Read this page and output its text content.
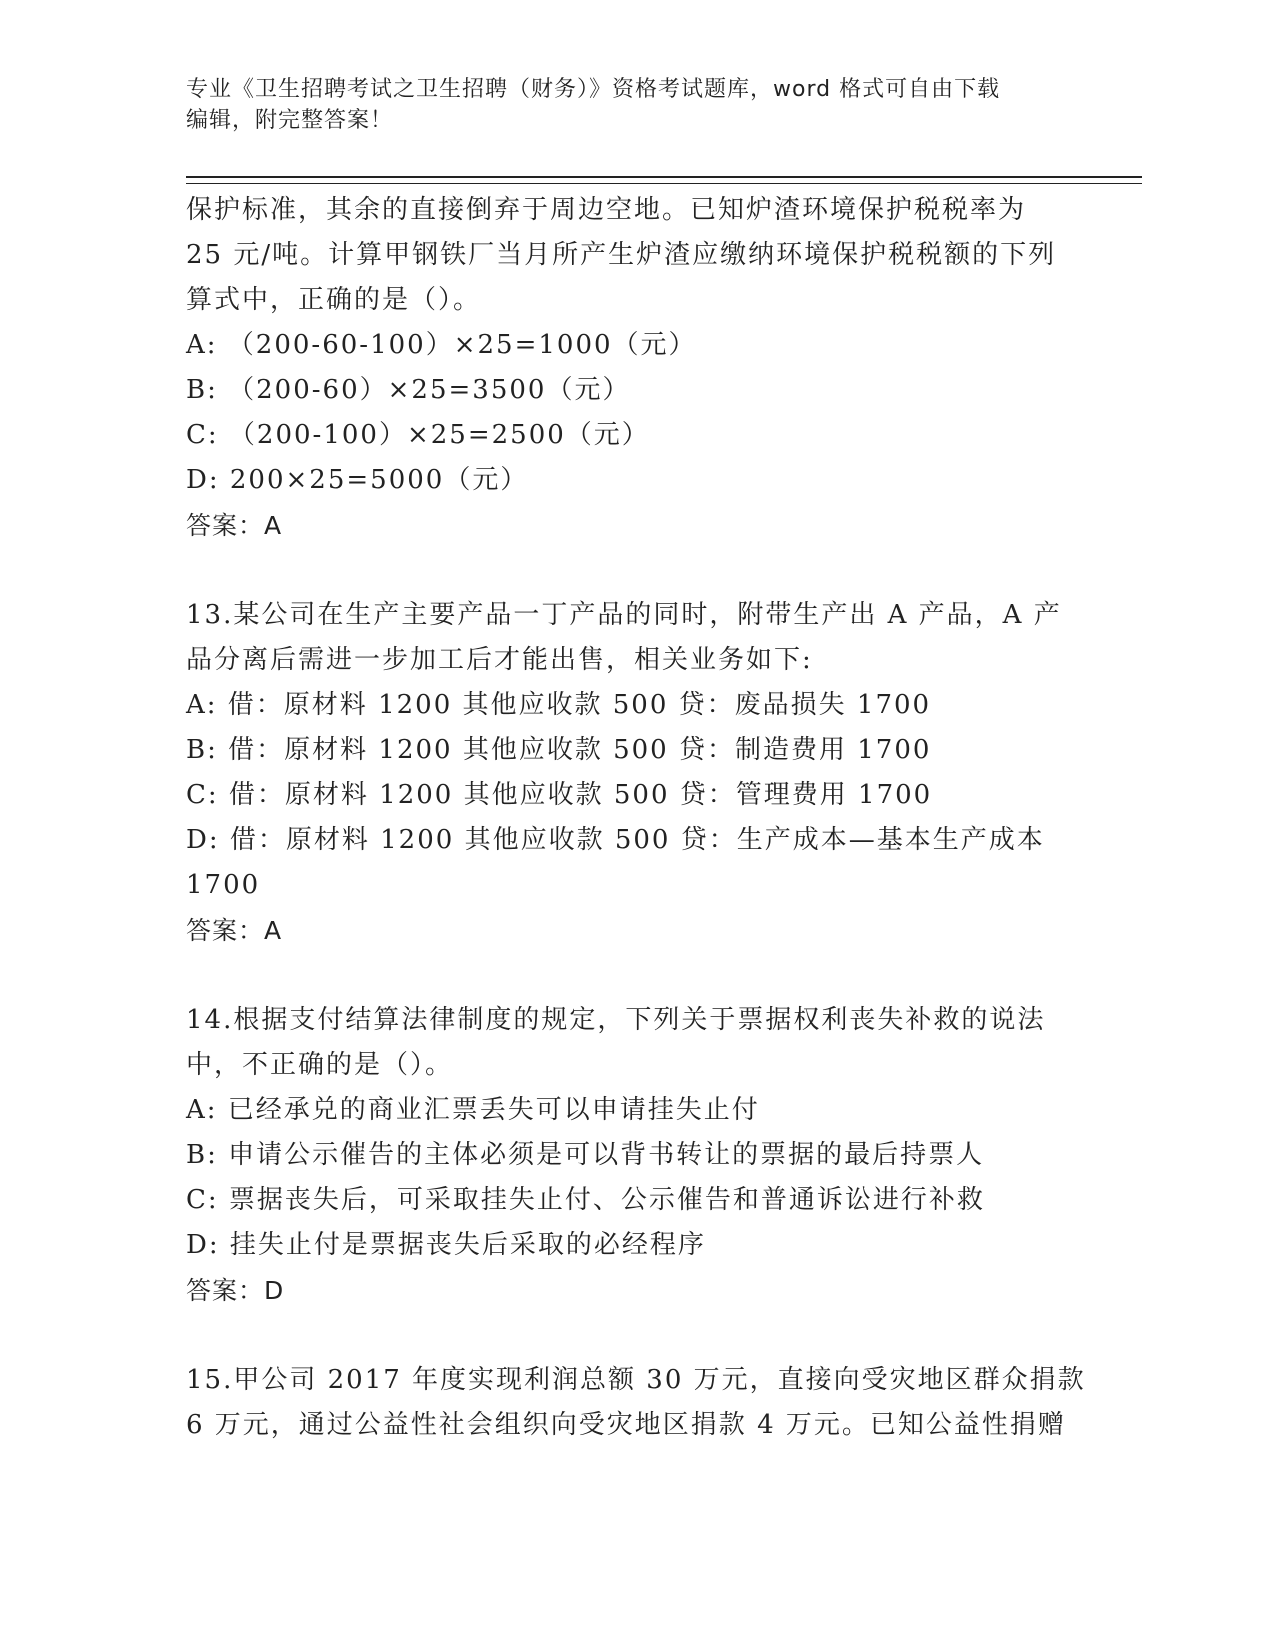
专业《卫生招聘考试之卫生招聘（财务）》资格考试题库，word 格式可自由下载
编辑，附完整答案！
保护标准，其余的直接倒弃于周边空地。已知炉渣环境保护税税率为
25 元/吨。计算甲钢铁厂当月所产生炉渣应缴纳环境保护税税额的下列
算式中，正确的是（）。
A: （200-60-100）×25=1000（元）
B: （200-60）×25=3500（元）
C: （200-100）×25=2500（元）
D: 200×25=5000（元）
答案：A
13.某公司在生产主要产品一丁产品的同时，附带生产出 A 产品，A 产
品分离后需进一步加工后才能出售，相关业务如下:
A: 借：原材料 1200 其他应收款 500 贷：废品损失 1700
B: 借：原材料 1200 其他应收款 500 贷：制造费用 1700
C: 借：原材料 1200 其他应收款 500 贷：管理费用 1700
D: 借：原材料 1200 其他应收款 500 贷：生产成本—基本生产成本
1700
答案：A
14.根据支付结算法律制度的规定，下列关于票据权利丧失补救的说法
中，不正确的是（）。
A: 已经承兑的商业汇票丢失可以申请挂失止付
B: 申请公示催告的主体必须是可以背书转让的票据的最后持票人
C: 票据丧失后，可采取挂失止付、公示催告和普通诉讼进行补救
D: 挂失止付是票据丧失后采取的必经程序
答案：D
15.甲公司 2017 年度实现利润总额 30 万元，直接向受灾地区群众捐款
6 万元，通过公益性社会组织向受灾地区捐款 4 万元。已知公益性捐赠
